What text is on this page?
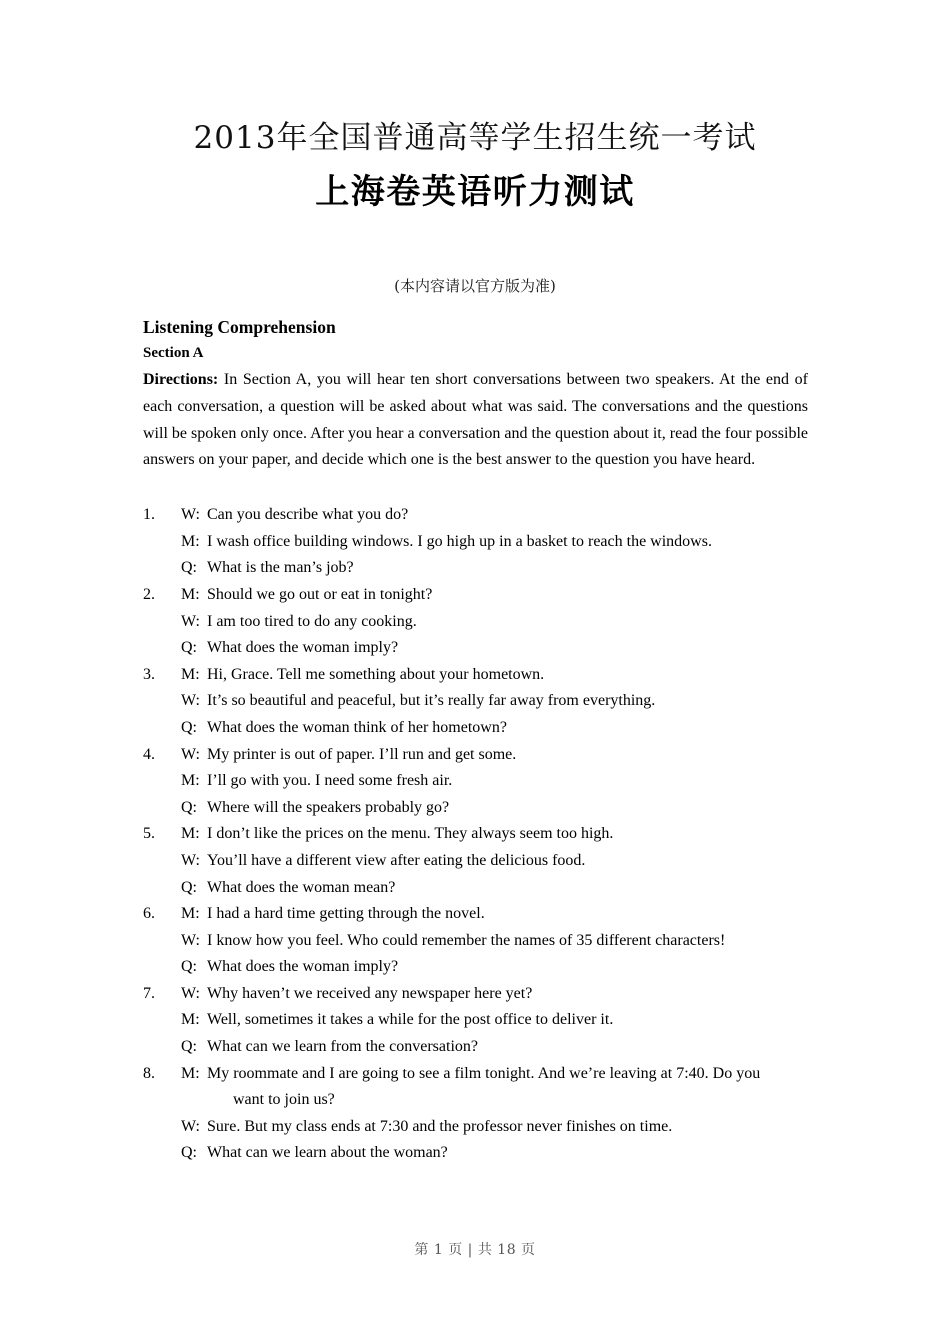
2013年全国普通高等学生招生统一考试
上海卷英语听力测试
(本内容请以官方版为准)
Listening Comprehension
Section A

Directions: In Section A, you will hear ten short conversations between two speakers. At the end of each conversation, a question will be asked about what was said. The conversations and the questions will be spoken only once. After you hear a conversation and the question about it, read the four possible answers on your paper, and decide which one is the best answer to the question you have heard.

1.	W: Can you describe what you do?
M: I wash office building windows. I go high up in a basket to reach the windows.
Q: What is the man’s job?
2.	M: Should we go out or eat in tonight?
W: I am too tired to do any cooking.
Q: What does the woman imply?
3.	M: Hi, Grace. Tell me something about your hometown.
W: It’s so beautiful and peaceful, but it’s really far away from everything.
Q: What does the woman think of her hometown?
4.	W: My printer is out of paper. I’ll run and get some.
M: I’ll go with you. I need some fresh air.
Q: Where will the speakers probably go?
5.	M: I don’t like the prices on the menu. They always seem too high.
W: You’ll have a different view after eating the delicious food.
Q: What does the woman mean?
6.	M: I had a hard time getting through the novel.
W: I know how you feel. Who could remember the names of 35 different characters!
Q: What does the woman imply?
7.	W: Why haven’t we received any newspaper here yet?
M: Well, sometimes it takes a while for the post office to deliver it.
Q: What can we learn from the conversation?
8.	M: My roommate and I are going to see a film tonight. And we’re leaving at 7:40. Do you
want to join us?
W: Sure. But my class ends at 7:30 and the professor never finishes on time.
Q: What can we learn about the woman?
第 1 页 | 共 18 页
